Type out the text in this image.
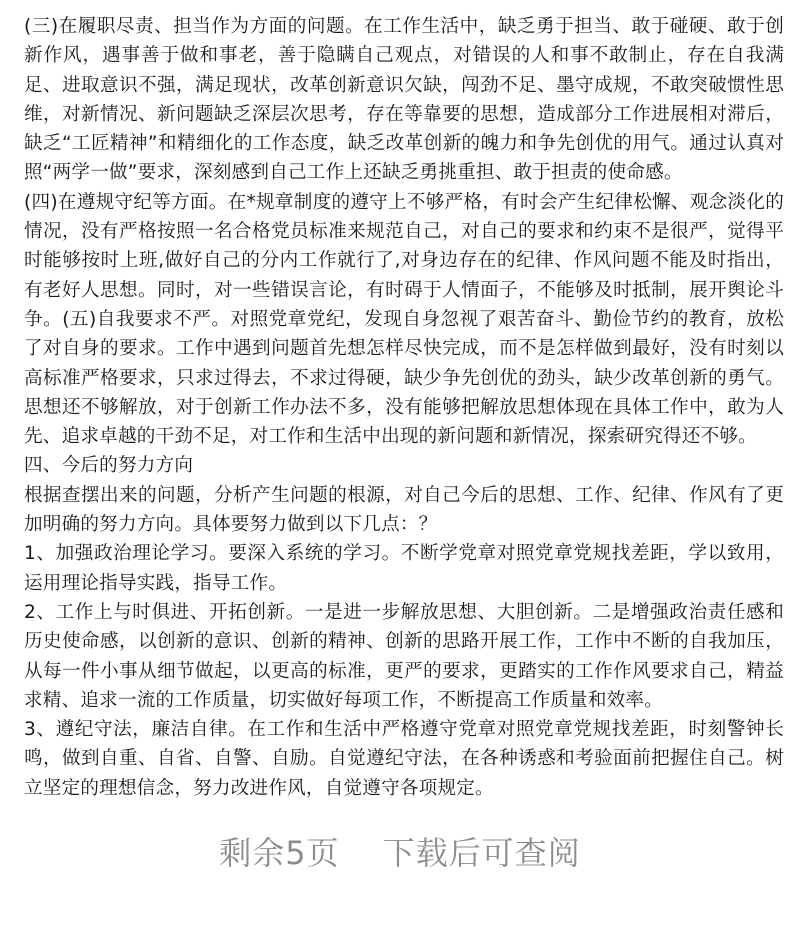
(三)在履职尽责、担当作为方面的问题。在工作生活中，缺乏勇于担当、敢于碰硬、敢于创新作风，遇事善于做和事老，善于隐瞒自己观点，对错误的人和事不敢制止，存在自我满足、进取意识不强，满足现状，改革创新意识欠缺，闯劲不足、墨守成规，不敢突破惯性思维，对新情况、新问题缺乏深层次思考，存在等靠要的思想，造成部分工作进展相对滞后，缺乏“工匠精神”和精细化的工作态度，缺乏改革创新的魄力和争先创优的用气。通过认真对照“两学一做”要求，深刻感到自己工作上还缺乏勇挑重担、敢于担责的使命感。

(四)在遵规守纪等方面。在*规章制度的遵守上不够严格，有时会产生纪律松懈、观念淡化的情况，没有严格按照一名合格党员标准来规范自己，对自己的要求和约束不是很严，觉得平时能够按时上班,做好自己的分内工作就行了,对身边存在的纪律、作风问题不能及时指出，有老好人思想。同时，对一些错误言论，有时碍于人情面子，不能够及时抵制，展开舆论斗争。(五)自我要求不严。对照党章党纪，发现自身忽视了艰苦奋斗、勤俭节约的教育，放松了对自身的要求。工作中遇到问题首先想怎样尽快完成，而不是怎样做到最好，没有时刻以高标准严格要求，只求过得去，不求过得硬，缺少争先创优的劲头，缺少改革创新的勇气。思想还不够解放，对于创新工作办法不多，没有能够把解放思想体现在具体工作中，敢为人先、追求卓越的干劲不足，对工作和生活中出现的新问题和新情况，探索研究得还不够。

四、今后的努力方向

根据查摆出来的问题，分析产生问题的根源，对自己今后的思想、工作、纪律、作风有了更加明确的努力方向。具体要努力做到以下几点：？

1、加强政治理论学习。要深入系统的学习。不断学党章对照党章党规找差距，学以致用，运用理论指导实践，指导工作。

2、工作上与时俱进、开拓创新。一是进一步解放思想、大胆创新。二是增强政治责任感和历史使命感，以创新的意识、创新的精神、创新的思路开展工作，工作中不断的自我加压，从每一件小事从细节做起，以更高的标准，更严的要求，更踏实的工作作风要求自己，精益求精、追求一流的工作质量，切实做好每项工作，不断提高工作质量和效率。

3、遵纪守法，廉洁自律。在工作和生活中严格遵守党章对照党章党规找差距，时刻警钟长鸣，做到自重、自省、自警、自励。自觉遵纪守法，在各种诱惑和考验面前把握住自己。树立坚定的理想信念，努力改进作风，自觉遵守各项规定。

剩余5页 下载后可查阅
